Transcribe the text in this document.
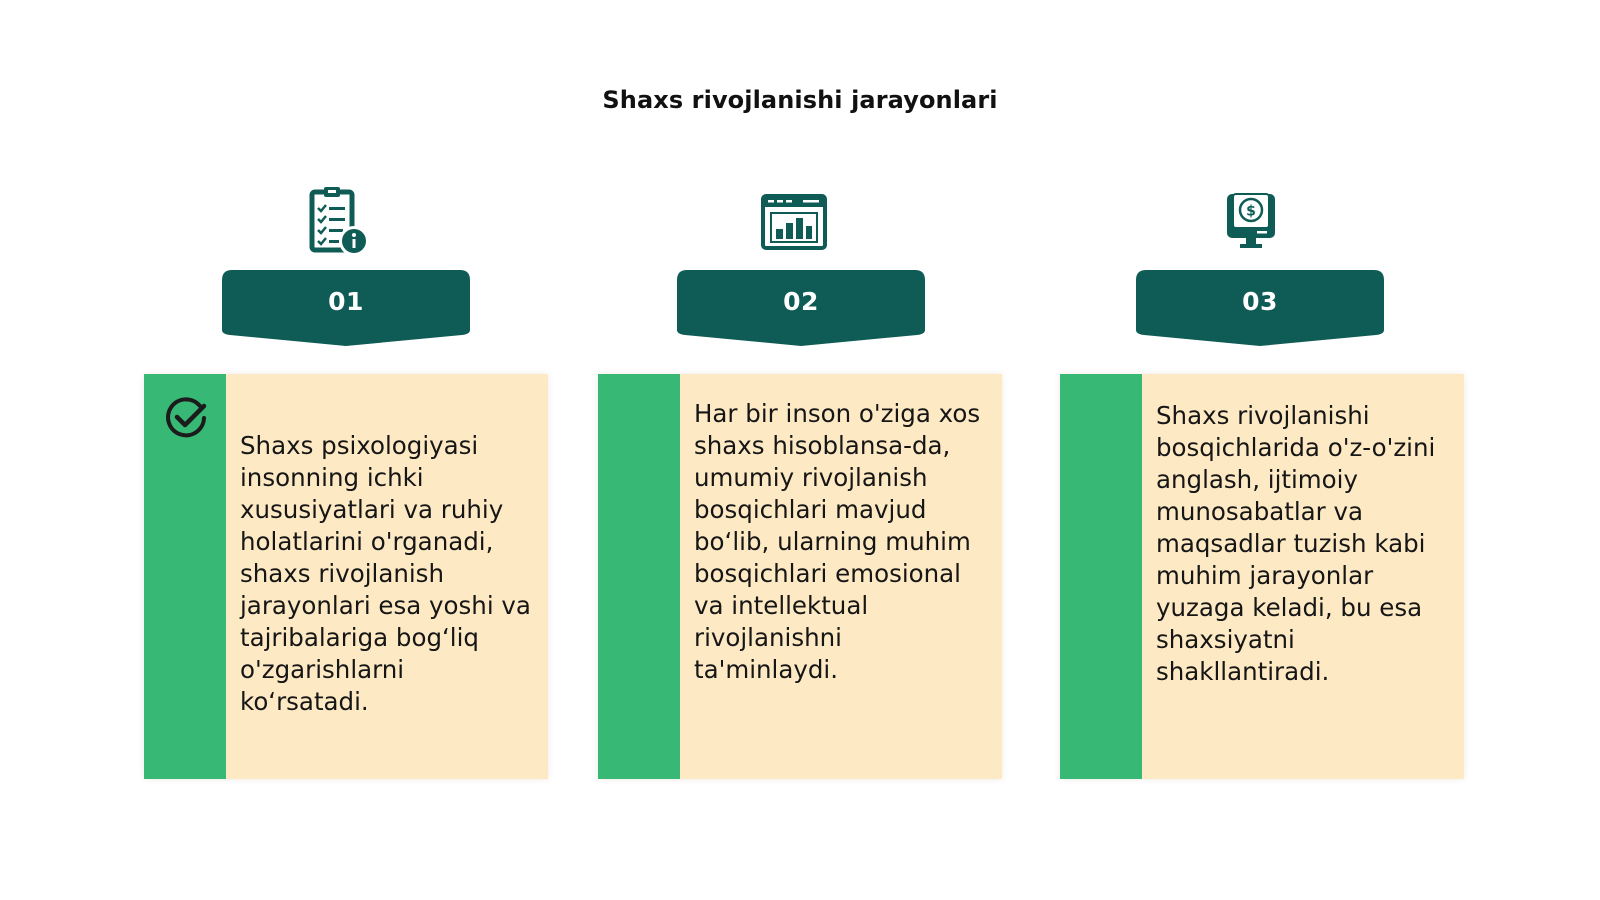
Shaxs rivojlanishi jarayonlari
01
Shaxs psixologiyasi insonning ichki xususiyatlari va ruhiy holatlarini o'rganadi, shaxs rivojlanish jarayonlari esa yoshi va tajribalariga bog‘liq o'zgarishlarni ko‘rsatadi.
02
Har bir inson o'ziga xos shaxs hisoblansa-da, umumiy rivojlanish bosqichlari mavjud bo‘lib, ularning muhim bosqichlari emosional va intellektual rivojlanishni ta'minlaydi.
$
03
Shaxs rivojlanishi bosqichlarida o'z-o'zini anglash, ijtimoiy munosabatlar va maqsadlar tuzish kabi muhim jarayonlar yuzaga keladi, bu esa shaxsiyatni shakllantiradi.
